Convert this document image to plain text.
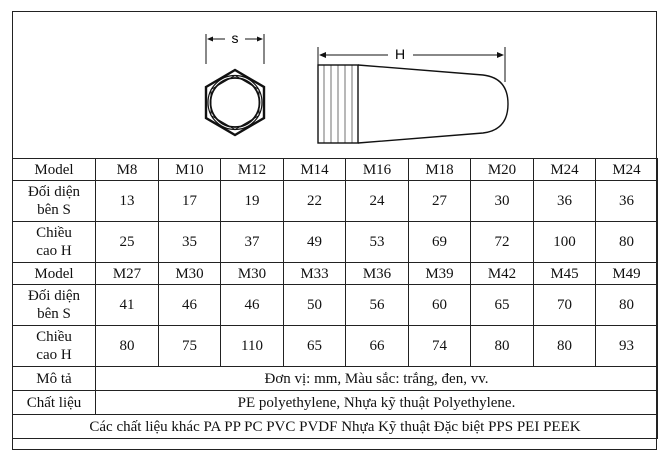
s
H
Model	M8	M10	M12	M14	M16	M18	M20	M24	M24
Đối diện
bên S	13	17	19	22	24	27	30	36	36
Chiều
cao H	25	35	37	49	53	69	72	100	80
Model	M27	M30	M30	M33	M36	M39	M42	M45	M49
Đối diện
bên S	41	46	46	50	56	60	65	70	80
Chiều
cao H	80	75	110	65	66	74	80	80	93
Mô tả	Đơn vị: mm, Màu sắc: trắng, đen, vv.								
Chất liệu	PE polyethylene, Nhựa kỹ thuật Polyethylene.								
Các chất liệu khác PA PP PC PVC PVDF Nhựa Kỹ thuật Đặc biệt PPS PEI PEEK									
